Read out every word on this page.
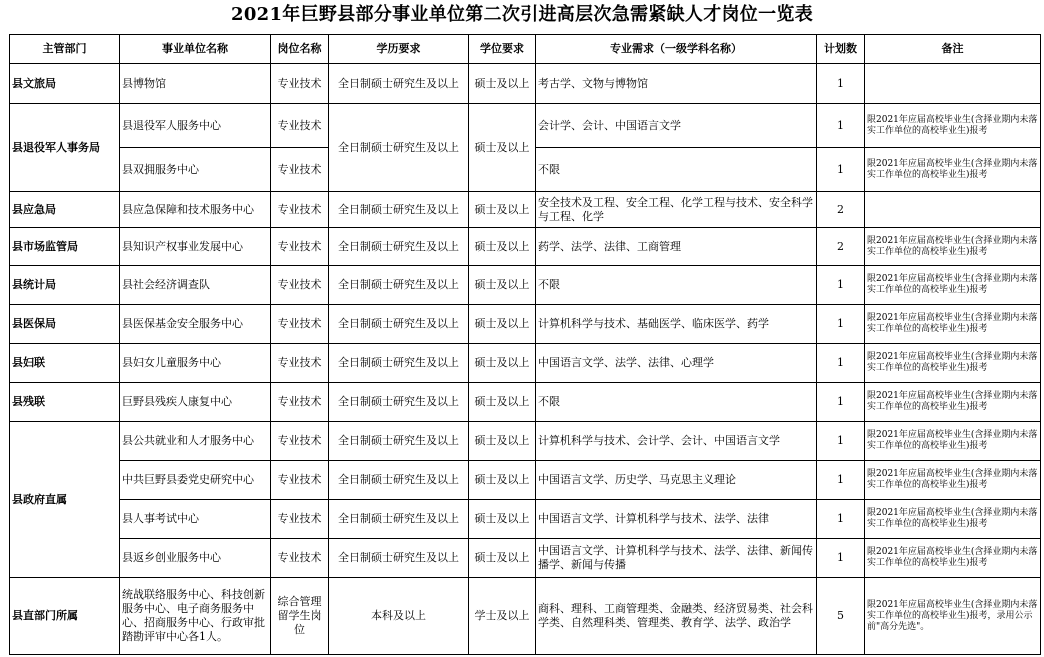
2021年巨野县部分事业单位第二次引进高层次急需紧缺人才岗位一览表
主管部门	事业单位名称	岗位名称	学历要求	学位要求	专业需求（一级学科名称）	计划数	备注
县文旅局	县博物馆	专业技术	全日制硕士研究生及以上	硕士及以上	考古学、文物与博物馆	1	
县退役军人事务局	县退役军人服务中心	专业技术	全日制硕士研究生及以上	硕士及以上	会计学、会计、中国语言文学	1	限2021年应届高校毕业生(含择业期内未落实工作单位的高校毕业生)报考
	县双拥服务中心	专业技术			不限	1	限2021年应届高校毕业生(含择业期内未落实工作单位的高校毕业生)报考
县应急局	县应急保障和技术服务中心	专业技术	全日制硕士研究生及以上	硕士及以上	安全技术及工程、安全工程、化学工程与技术、安全科学与工程、化学	2	
县市场监管局	县知识产权事业发展中心	专业技术	全日制硕士研究生及以上	硕士及以上	药学、法学、法律、工商管理	2	限2021年应届高校毕业生(含择业期内未落实工作单位的高校毕业生)报考
县统计局	县社会经济调查队	专业技术	全日制硕士研究生及以上	硕士及以上	不限	1	限2021年应届高校毕业生(含择业期内未落实工作单位的高校毕业生)报考
县医保局	县医保基金安全服务中心	专业技术	全日制硕士研究生及以上	硕士及以上	计算机科学与技术、基础医学、临床医学、药学	1	限2021年应届高校毕业生(含择业期内未落实工作单位的高校毕业生)报考
县妇联	县妇女儿童服务中心	专业技术	全日制硕士研究生及以上	硕士及以上	中国语言文学、法学、法律、心理学	1	限2021年应届高校毕业生(含择业期内未落实工作单位的高校毕业生)报考
县残联	巨野县残疾人康复中心	专业技术	全日制硕士研究生及以上	硕士及以上	不限	1	限2021年应届高校毕业生(含择业期内未落实工作单位的高校毕业生)报考
县政府直属	县公共就业和人才服务中心	专业技术	全日制硕士研究生及以上	硕士及以上	计算机科学与技术、会计学、会计、中国语言文学	1	限2021年应届高校毕业生(含择业期内未落实工作单位的高校毕业生)报考
	中共巨野县委党史研究中心	专业技术	全日制硕士研究生及以上	硕士及以上	中国语言文学、历史学、马克思主义理论	1	限2021年应届高校毕业生(含择业期内未落实工作单位的高校毕业生)报考
	县人事考试中心	专业技术	全日制硕士研究生及以上	硕士及以上	中国语言文学、计算机科学与技术、法学、法律	1	限2021年应届高校毕业生(含择业期内未落实工作单位的高校毕业生)报考
	县返乡创业服务中心	专业技术	全日制硕士研究生及以上	硕士及以上	中国语言文学、计算机科学与技术、法学、法律、新闻传播学、新闻与传播	1	限2021年应届高校毕业生(含择业期内未落实工作单位的高校毕业生)报考
县直部门所属	统战联络服务中心、科技创新服务中心、电子商务服务中心、招商服务中心、行政审批踏勘评审中心各1人。	综合管理留学生岗位	本科及以上	学士及以上	商科、理科、工商管理类、金融类、经济贸易类、社会科学类、自然理科类、管理类、教育学、法学、政治学	5	限2021年应届高校毕业生(含择业期内未落实工作单位的高校毕业生)报考，录用公示前"高分先选"。
